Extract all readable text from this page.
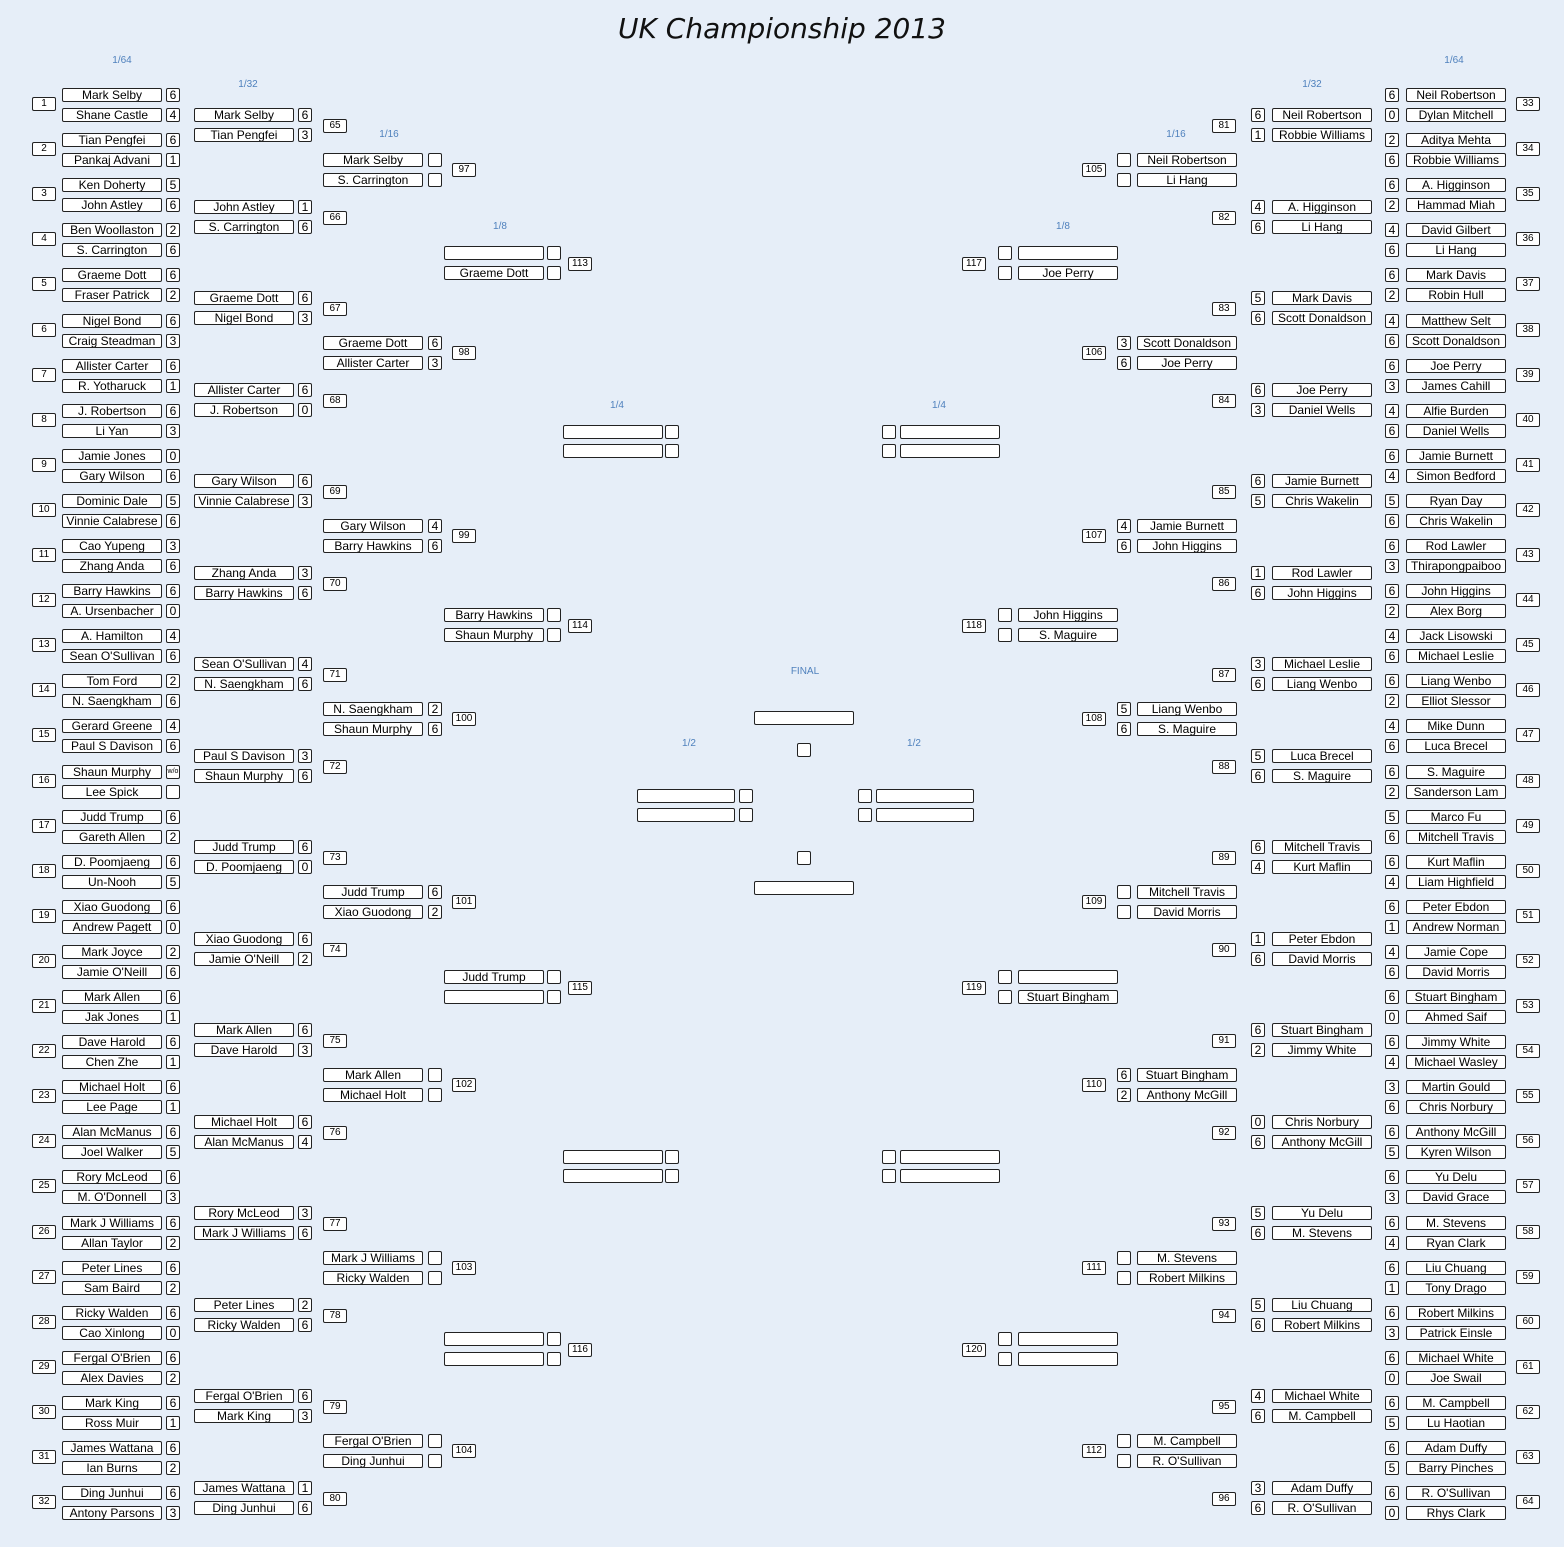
UK Championship 2013
1/64
1/32
1/16
1/8
1/4
1/2
FINAL
1/2
1/4
1/8
1/16
1/32
1/64
Mark Selby
Shane Castle
6
4
1
Tian Pengfei
Pankaj Advani
6
1
2
Ken Doherty
John Astley
5
6
3
Ben Woollaston
S. Carrington
2
6
4
Graeme Dott
Fraser Patrick
6
2
5
Nigel Bond
Craig Steadman
6
3
6
Allister Carter
R. Yotharuck
6
1
7
J. Robertson
Li Yan
6
3
8
Jamie Jones
Gary Wilson
0
6
9
Dominic Dale
Vinnie Calabrese
5
6
10
Cao Yupeng
Zhang Anda
3
6
11
Barry Hawkins
A. Ursenbacher
6
0
12
A. Hamilton
Sean O'Sullivan
4
6
13
Tom Ford
N. Saengkham
2
6
14
Gerard Greene
Paul S Davison
4
6
15
Shaun Murphy
Lee Spick
w/o
16
Judd Trump
Gareth Allen
6
2
17
D. Poomjaeng
Un-Nooh
6
5
18
Xiao Guodong
Andrew Pagett
6
0
19
Mark Joyce
Jamie O'Neill
2
6
20
Mark Allen
Jak Jones
6
1
21
Dave Harold
Chen Zhe
6
1
22
Michael Holt
Lee Page
6
1
23
Alan McManus
Joel Walker
6
5
24
Rory McLeod
M. O'Donnell
6
3
25
Mark J Williams
Allan Taylor
6
2
26
Peter Lines
Sam Baird
6
2
27
Ricky Walden
Cao Xinlong
6
0
28
Fergal O'Brien
Alex Davies
6
2
29
Mark King
Ross Muir
6
1
30
James Wattana
Ian Burns
6
2
31
Ding Junhui
Antony Parsons
6
3
32
Mark Selby
Tian Pengfei
6
3
65
John Astley
S. Carrington
1
6
66
Graeme Dott
Nigel Bond
6
3
67
Allister Carter
J. Robertson
6
0
68
Gary Wilson
Vinnie Calabrese
6
3
69
Zhang Anda
Barry Hawkins
3
6
70
Sean O'Sullivan
N. Saengkham
4
6
71
Paul S Davison
Shaun Murphy
3
6
72
Judd Trump
D. Poomjaeng
6
0
73
Xiao Guodong
Jamie O'Neill
6
2
74
Mark Allen
Dave Harold
6
3
75
Michael Holt
Alan McManus
6
4
76
Rory McLeod
Mark J Williams
3
6
77
Peter Lines
Ricky Walden
2
6
78
Fergal O'Brien
Mark King
6
3
79
James Wattana
Ding Junhui
1
6
80
Mark Selby
S. Carrington
97
Graeme Dott
Allister Carter
6
3
98
Gary Wilson
Barry Hawkins
4
6
99
N. Saengkham
Shaun Murphy
2
6
100
Judd Trump
Xiao Guodong
6
2
101
Mark Allen
Michael Holt
102
Mark J Williams
Ricky Walden
103
Fergal O'Brien
Ding Junhui
104
Graeme Dott
113
Barry Hawkins
Shaun Murphy
114
Judd Trump
115
116
Neil Robertson
Dylan Mitchell
6
0
33
Aditya Mehta
Robbie Williams
2
6
34
A. Higginson
Hammad Miah
6
2
35
David Gilbert
Li Hang
4
6
36
Mark Davis
Robin Hull
6
2
37
Matthew Selt
Scott Donaldson
4
6
38
Joe Perry
James Cahill
6
3
39
Alfie Burden
Daniel Wells
4
6
40
Jamie Burnett
Simon Bedford
6
4
41
Ryan Day
Chris Wakelin
5
6
42
Rod Lawler
Thirapongpaiboo
6
3
43
John Higgins
Alex Borg
6
2
44
Jack Lisowski
Michael Leslie
4
6
45
Liang Wenbo
Elliot Slessor
6
2
46
Mike Dunn
Luca Brecel
4
6
47
S. Maguire
Sanderson Lam
6
2
48
Marco Fu
Mitchell Travis
5
6
49
Kurt Maflin
Liam Highfield
6
4
50
Peter Ebdon
Andrew Norman
6
1
51
Jamie Cope
David Morris
4
6
52
Stuart Bingham
Ahmed Saif
6
0
53
Jimmy White
Michael Wasley
6
4
54
Martin Gould
Chris Norbury
3
6
55
Anthony McGill
Kyren Wilson
6
5
56
Yu Delu
David Grace
6
3
57
M. Stevens
Ryan Clark
6
4
58
Liu Chuang
Tony Drago
6
1
59
Robert Milkins
Patrick Einsle
6
3
60
Michael White
Joe Swail
6
0
61
M. Campbell
Lu Haotian
6
5
62
Adam Duffy
Barry Pinches
6
5
63
R. O'Sullivan
Rhys Clark
6
0
64
Neil Robertson
Robbie Williams
6
1
81
A. Higginson
Li Hang
4
6
82
Mark Davis
Scott Donaldson
5
6
83
Joe Perry
Daniel Wells
6
3
84
Jamie Burnett
Chris Wakelin
6
5
85
Rod Lawler
John Higgins
1
6
86
Michael Leslie
Liang Wenbo
3
6
87
Luca Brecel
S. Maguire
5
6
88
Mitchell Travis
Kurt Maflin
6
4
89
Peter Ebdon
David Morris
1
6
90
Stuart Bingham
Jimmy White
6
2
91
Chris Norbury
Anthony McGill
0
6
92
Yu Delu
M. Stevens
5
6
93
Liu Chuang
Robert Milkins
5
6
94
Michael White
M. Campbell
4
6
95
Adam Duffy
R. O'Sullivan
3
6
96
Neil Robertson
Li Hang
105
Scott Donaldson
Joe Perry
3
6
106
Jamie Burnett
John Higgins
4
6
107
Liang Wenbo
S. Maguire
5
6
108
Mitchell Travis
David Morris
109
Stuart Bingham
Anthony McGill
6
2
110
M. Stevens
Robert Milkins
111
M. Campbell
R. O'Sullivan
112
Joe Perry
117
John Higgins
S. Maguire
118
Stuart Bingham
119
120
